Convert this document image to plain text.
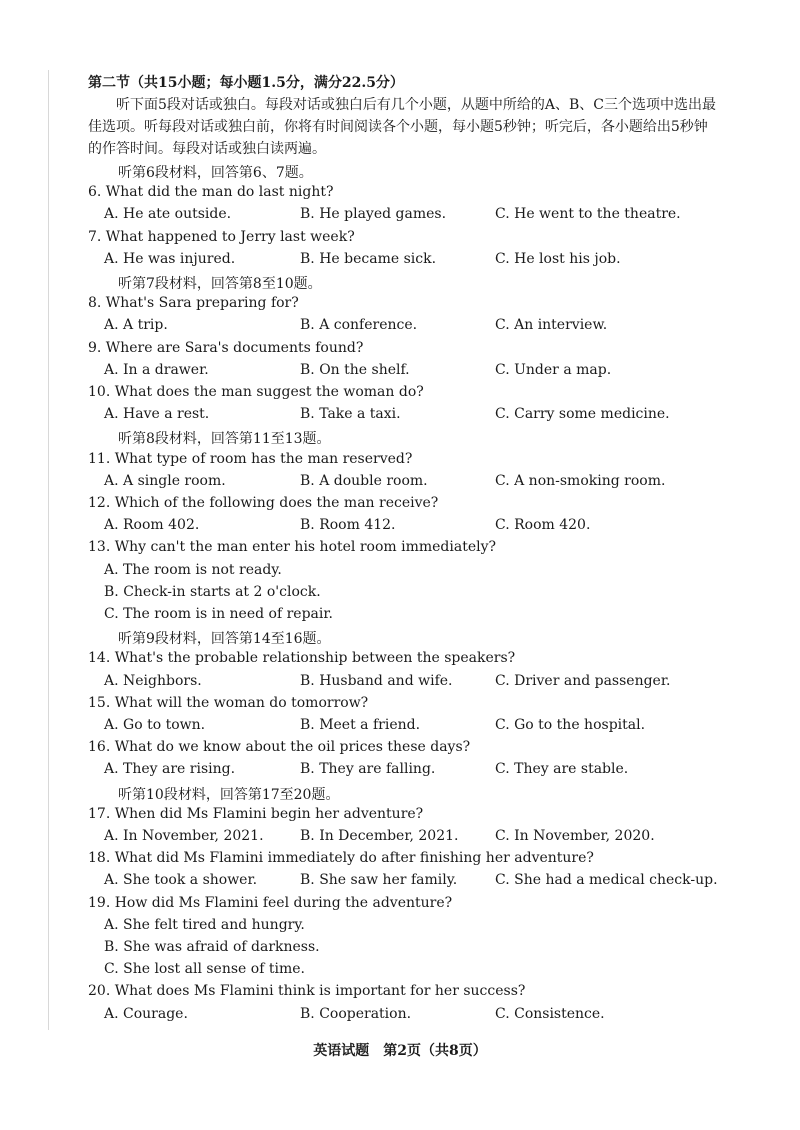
第二节（共15小题；每小题1.5分，满分22.5分）
听下面5段对话或独白。每段对话或独白后有几个小题，从题中所给的A、B、C三个选项中选出最佳选项。听每段对话或独白前，你将有时间阅读各个小题，每小题5秒钟；听完后，各小题给出5秒钟的作答时间。每段对话或独白读两遍。
听第6段材料，回答第6、7题。
6. What did the man do last night?
A. He ate outside.	B. He played games.	C. He went to the theatre.
7. What happened to Jerry last week?
A. He was injured.	B. He became sick.	C. He lost his job.
听第7段材料，回答第8至10题。
8. What's Sara preparing for?
A. A trip.	B. A conference.	C. An interview.
9. Where are Sara's documents found?
A. In a drawer.	B. On the shelf.	C. Under a map.
10. What does the man suggest the woman do?
A. Have a rest.	B. Take a taxi.	C. Carry some medicine.
听第8段材料，回答第11至13题。
11. What type of room has the man reserved?
A. A single room.	B. A double room.	C. A non-smoking room.
12. Which of the following does the man receive?
A. Room 402.	B. Room 412.	C. Room 420.
13. Why can't the man enter his hotel room immediately?
A. The room is not ready.
B. Check-in starts at 2 o'clock.
C. The room is in need of repair.
听第9段材料，回答第14至16题。
14. What's the probable relationship between the speakers?
A. Neighbors.	B. Husband and wife.	C. Driver and passenger.
15. What will the woman do tomorrow?
A. Go to town.	B. Meet a friend.	C. Go to the hospital.
16. What do we know about the oil prices these days?
A. They are rising.	B. They are falling.	C. They are stable.
听第10段材料，回答第17至20题。
17. When did Ms Flamini begin her adventure?
A. In November, 2021.	B. In December, 2021.	C. In November, 2020.
18. What did Ms Flamini immediately do after finishing her adventure?
A. She took a shower.	B. She saw her family.	C. She had a medical check-up.
19. How did Ms Flamini feel during the adventure?
A. She felt tired and hungry.
B. She was afraid of darkness.
C. She lost all sense of time.
20. What does Ms Flamini think is important for her success?
A. Courage.	B. Cooperation.	C. Consistence.
英语试题　第2页（共8页）
